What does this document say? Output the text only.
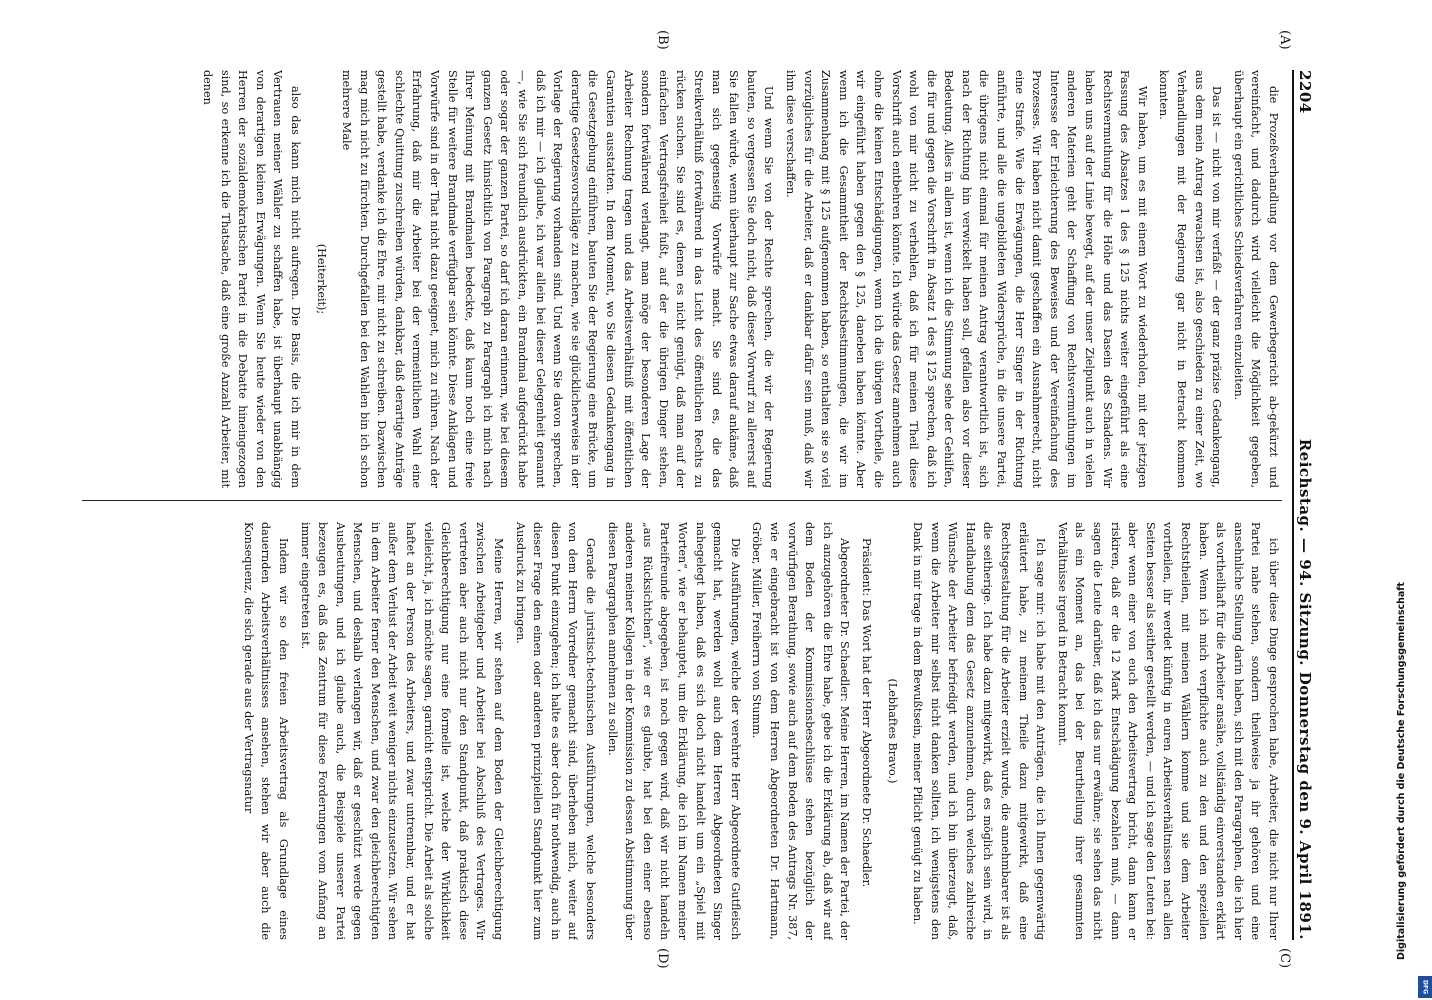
2204
Reichstag. — 94. Sitzung. Donnerstag den 9. April 1891.
(A)
(B)
(C)
(D)

die Prozeßverhandlung vor dem Gewerbegericht ab-gekürzt und vereinfacht, und dadurch wird vielleicht die Möglichkeit gegeben, überhaupt ein gerichtliches Schiedsverfahren einzuleiten.

Das ist — nicht von mir verfaßt — der ganz präzise Gedankengang, aus dem mein Antrag erwachsen ist, also geschieden zu einer Zeit, wo Verhandlungen mit der Regierung gar nicht in Betracht kommen konnten.

Wir haben, um es mit einem Wort zu wiederholen, mit der jetzigen Fassung des Absatzes 1 des § 125 nichts weiter eingeführt als eine Rechtsvermuthung für die Höhe und das Dasein des Schadens. Wir haben uns auf der Linie bewegt, auf der unser Zielpunkt auch in vielen anderen Materien geht der Schaffung von Rechtsvermuthungen im Interesse der Erleichterung des Beweises und der Vereinfachung des Prozesses. Wir haben nicht damit geschaffen ein Ausnahmerecht, nicht eine Strafe. Wie die Erwägungen, die Herr Singer in der Richtung anführte, und alle die ungebildeten Widersprüche, in die unsere Partei, die übrigens nicht einmal für meinen Antrag verantwortlich ist, sich nach der Richtung hin verwickelt haben soll, gefallen also vor dieser Bedeutung. Alles in allem ist, wenn ich die Stimmung sehe der Gehilfen, die für und gegen die Vorschrift in Absatz 1 des § 125 sprechen, daß ich wohl von mir nicht zu verhehlen, daß ich für meinen Theil diese Vorschrift auch entbehren könnte. Ich würde das Gesetz annehmen auch ohne die keinen Entschädigungen, wenn ich die übrigen Vortheile, die wir eingeführt haben gegen den § 125, daneben haben könnte. Aber wenn ich die Gesammtheit der Rechtsbestimmungen, die wir im Zusammenhang mit § 125 aufgenommen haben, so enthalten sie so viel vorzügliches für die Arbeiter, daß er dankbar dafür sein muß, daß wir ihm diese verschaffen.

Und wenn Sie von der Rechte sprechen, die wir der Regierung bauten, so vergessen Sie doch nicht, daß dieser Vorwurf zu allererst auf Sie fallen würde, wenn überhaupt zur Sache etwas darauf ankäme, daß man sich gegenseitig Vorwürfe macht. Sie sind es, die das Streikverhältniß fortwährend in das Licht des öffentlichen Rechts zu rücken suchen. Sie sind es, denen es nicht genügt, daß man auf der einfachen Vertragsfreiheit fußt, auf der die übrigen Dinger stehen, sondern fortwährend verlangt, man möge der besonderen Lage der Arbeiter Rechnung tragen und das Arbeitsverhältniß mit öffentlichen Garantien ausstatten. In dem Moment, wo Sie diesen Gedankengang in die Gesetzgebung einführen, bauten Sie der Regierung eine Brücke, um derartige Gesetzesvorschläge zu machen, wie sie glücklicherweise in der Vorlage der Regierung vorhanden sind. Und wenn Sie davon sprechen, daß ich mir — ich glaube, ich war allein bei dieser Gelegenheit genannt —, wie Sie sich freundlich ausdrückten, ein Brandmal aufgedrückt habe oder sogar der ganzen Partei, so darf ich daran erinnern, wie bei diesem ganzen Gesetz hinsichtlich von Paragraph zu Paragraph ich mich nach Ihrer Meinung mit Brandmalen bedeckte, daß kaum noch eine freie Stelle für weitere Brandmale verfügbar sein könnte. Diese Anklagen und Vorwürfe sind in der That nicht dazu geeignet, mich zu rühren. Nach der Erfahrung, daß mir die Arbeiter bei der vermeintlichen Wahl eine schlechte Quittung zuschreiben würden, dankbar, daß derartige Anträge gestellt habe, verdanke ich die Ehre, mir nicht zu schreiben. Dazwischen mag mich nicht zu fürchten. Durchgefallen bei den Wahlen bin ich schon mehrere Male

(Heiterkeit);

also das kann mich nicht aufregen. Die Basis, die ich mir in dem Vertrauen meiner Wähler zu schaffen habe, ist überhaupt unabhängig von derartigen kleinen Erwägungen. Wenn Sie heute wieder von den Herren der sozialdemokratischen Partei in die Debatte hineingezogen sind, so erkenne ich die Thatsache, daß eine große Anzahl Arbeiter, mit denen

ich über diese Dinge gesprochen habe, Arbeiter, die nicht nur Ihrer Partei nahe stehen, sondern theilweise ja ihr gehören und eine ansehnliche Stellung darin haben, sich mit den Paragraphen, die ich hier als vortheilhaft für die Arbeiter ansähe, vollständig einverstanden erklärt haben. Wenn ich mich verpflichte auch zu den und den speziellen Rechtstheilen, mit meinen Wählern komme und sie dem Arbeiter vortheilen, ihr werdet künftig in euren Arbeitsverhältnissen nach allen Seiten besser als seither gestellt werden, — und ich sage den Leuten bei: aber wenn einer von euch den Arbeitsvertrag bricht, dann kann er riskiren, daß er die 12 Mark Entschädigung bezahlen muß, — dann sagen die Leute darüber, daß ich das nur erwähne; sie sehen das nicht als ein Moment an, das bei der Beurtheilung ihrer gesammten Verhältnisse irgend in Betracht kommt.

Ich sage mir: ich habe mit den Anträgen, die ich Ihnen gegenwärtig erläutert habe, zu meinem Theile dazu mitgewirkt, daß eine Rechtsgestaltung für die Arbeiter erzielt wurde, die annehmbarer ist als die seitherige. Ich habe dazu mitgewirkt, daß es möglich sein wird, in Handhabung dem das Gesetz anzunehmen, durch welches zahlreiche Wünsche der Arbeiter befriedigt werden, und ich bin überzeugt, daß, wenn die Arbeiter mir selbst nicht danken sollten, ich wenigstens den Dank in mir trage in dem Bewußtsein, meiner Pflicht genügt zu haben.

(Lebhaftes Bravo.)

Präsident: Das Wort hat der Herr Abgeordnete Dr. Schaedler.

Abgeordneter Dr. Schaedler: Meine Herren, im Namen der Partei, der ich anzugehören die Ehre habe, gebe ich die Erklärung ab, daß wir auf dem Boden der Kommissionsbeschlüsse stehen bezüglich der vorwürfigen Berathung, sowie auch auf dem Boden des Antrags Nr. 387, wie er eingebracht ist von dem Herren Abgeordneten Dr. Hartmann, Gröber, Müller, Freiherrn von Stumm.

Die Ausführungen, welche der verehrte Herr Abgeordnete Gutfleisch gemacht hat, werden wohl auch dem Herren Abgeordneten Singer nahegelegt haben, daß es sich doch nicht handelt um ein „Spiel mit Worten“, wie er behauptet, um die Erklärung, die ich im Namen meiner Parteifreunde abgegeben, ist noch gegen wird, daß wir nicht handeln „aus Rücksichtchen“, wie er es glaubte, hat bei den einer ebenso anderen meiner Kollegen in der Kommission zu dessen Abstimmung über diesen Paragraphen annehmen zu sollen.

Gerade die juristisch-technischen Ausführungen, welche besonders von dem Herrn Vorredner gemacht sind, überheben mich, weiter auf diesen Punkt einzugehen; ich halte es aber doch für nothwendig, auch in dieser Frage den einen oder anderen prinzipiellen Standpunkt hier zum Ausdruck zu bringen.

Meine Herren, wir stehen auf dem Boden der Gleichberechtigung zwischen Arbeitgeber und Arbeiter bei Abschluß des Vertrages. Wir vertreten aber auch nicht nur den Standpunkt, daß praktisch diese Gleichberechtigung nur eine formelle ist, welche der Wirklichkeit vielleicht, ja, ich möchte sagen, garnicht entspricht. Die Arbeit als solche haftet an der Person des Arbeiters, und zwar untrennbar, und er hat außer dem Verlust der Arbeit weit weniger nichts einzusetzen. Wir sehen in dem Arbeiter ferner den Menschen, und zwar den gleichberechtigten Menschen, und deshalb verlangen wir, daß er geschützt werde gegen Ausbeutungen, und ich glaube auch, die Beispiele unserer Partei bezeugen es, daß das Zentrum für diese Forderungen vom Anfang an immer eingetreten ist.

Indem wir so den freien Arbeitsvertrag als Grundlage eines dauernden Arbeitsverhältnisses ansehen, stehen wir aber auch die Konsequenz, die sich gerade aus der Vertragsnatur	Digitalisierung gefördert durch die Deutsche Forschungsgemeinschaft
DFG
